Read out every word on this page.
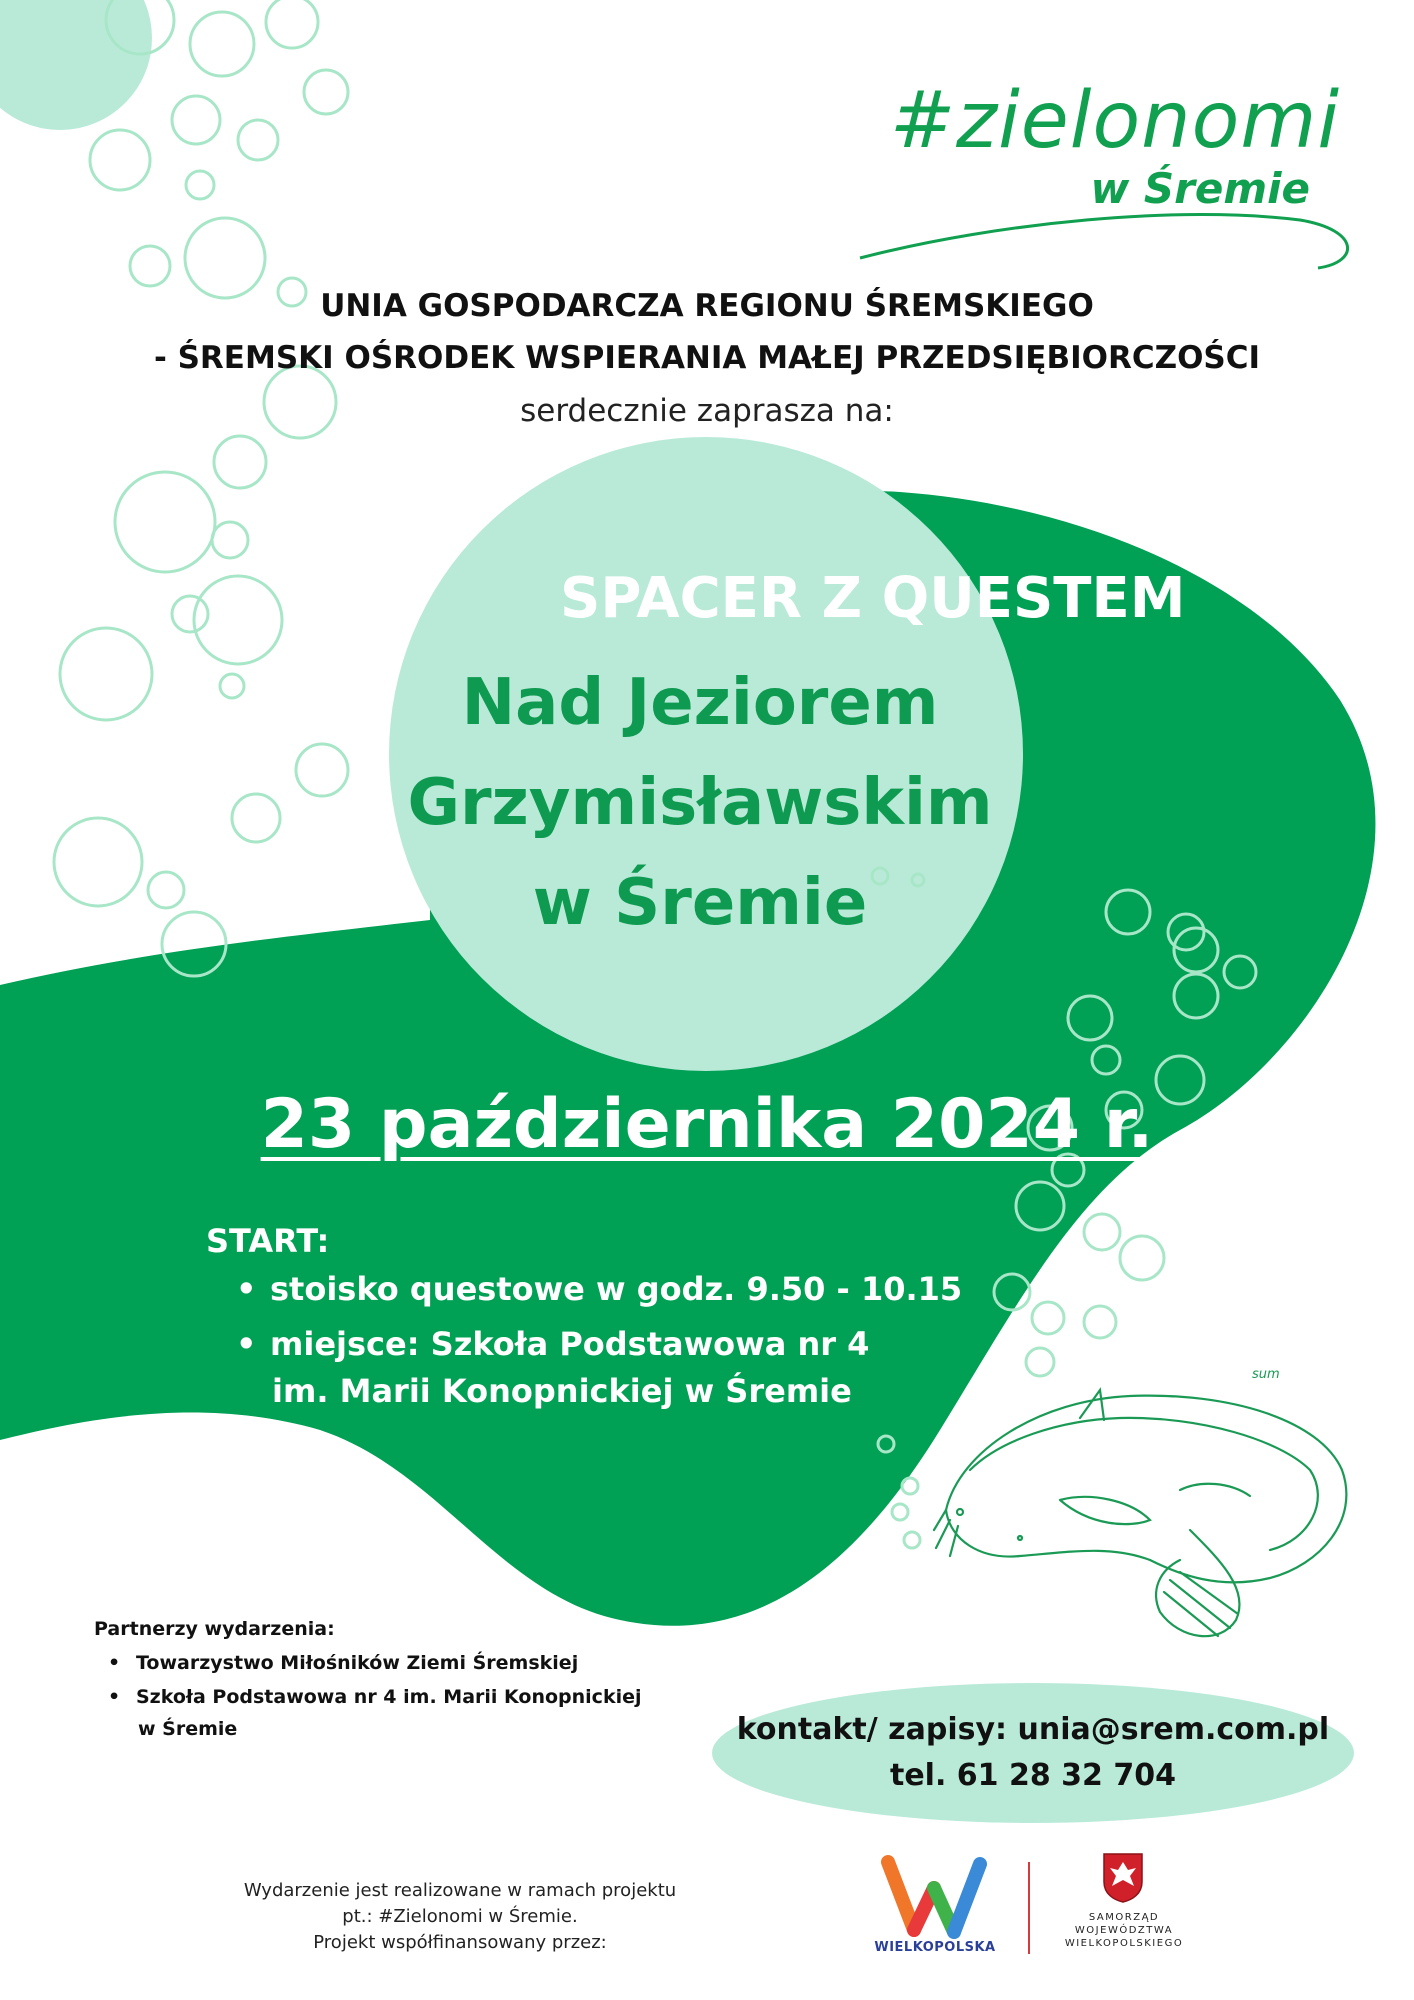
#zielonomi
w Śremie
UNIA GOSPODARCZA REGIONU ŚREMSKIEGO
- ŚREMSKI OŚRODEK WSPIERANIA MAŁEJ PRZEDSIĘBIORCZOŚCI
serdecznie zaprasza na:
SPACER Z QUESTEM
Nad Jeziorem
Grzymisławskim
w Śremie
23 października 2024 r.
START:
• stoisko questowe w godz. 9.50 - 10.15
• miejsce: Szkoła Podstawowa nr 4
im. Marii Konopnickiej w Śremie	sum
Partnerzy wydarzenia:
• Towarzystwo Miłośników Ziemi Śremskiej
• Szkoła Podstawowa nr 4 im. Marii Konopnickiej
w Śremie	kontakt/ zapisy: unia@srem.com.pl
tel. 61 28 32 704
Wydarzenie jest realizowane w ramach projektu
pt.: #Zielonomi w Śremie.
Projekt współfinansowany przez:	WIELKOPOLSKA
SAMORZĄD
WOJEWÓDZTWA
WIELKOPOLSKIEGO
